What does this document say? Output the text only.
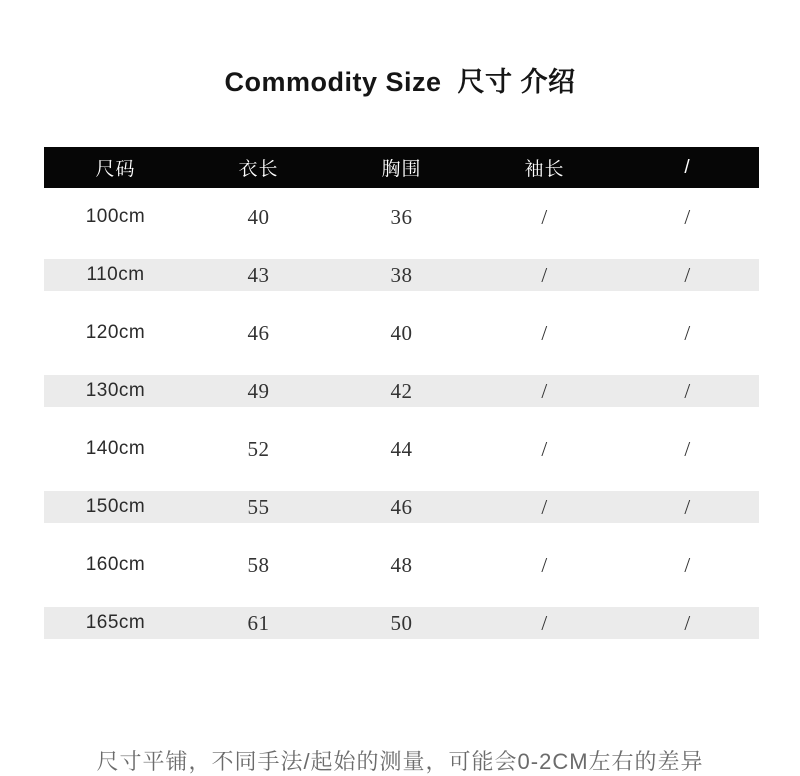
Commodity Size  尺寸 介绍
尺码	衣长	胸围	袖长	/
100cm	40	36	/	/
110cm	43	38	/	/
120cm	46	40	/	/
130cm	49	42	/	/
140cm	52	44	/	/
150cm	55	46	/	/
160cm	58	48	/	/
165cm	61	50	/	/

尺寸平铺，不同手法/起始的测量，可能会0-2CM左右的差异
